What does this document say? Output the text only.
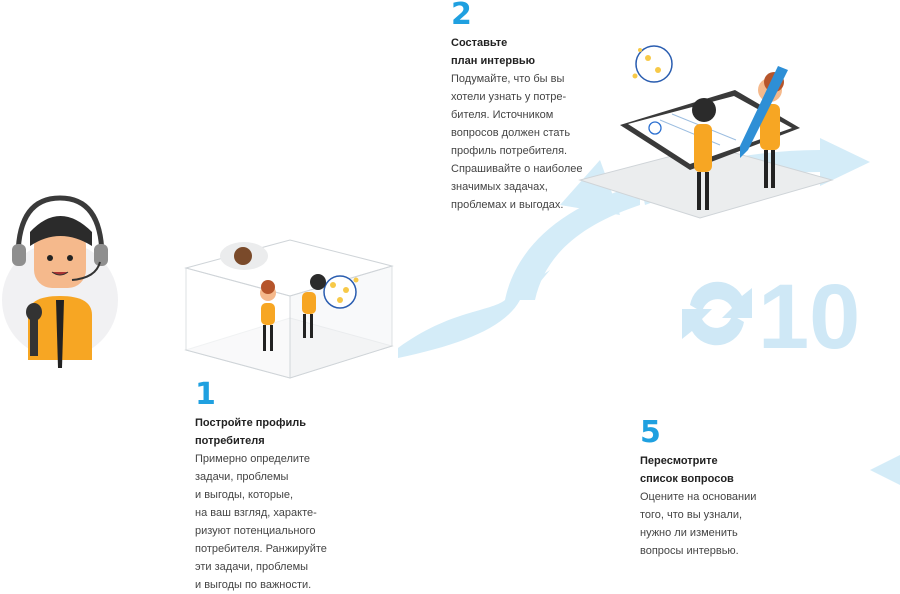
10
1
Постройте профиль
потребителя
Примерно определите
задачи, проблемы
и выгоды, которые,
на ваш взгляд, характе-
ризуют потенциального
потребителя. Ранжируйте
эти задачи, проблемы
и выгоды по важности.
2
Составьте
план интервью
Подумайте, что бы вы
хотели узнать у потре-
бителя. Источником
вопросов должен стать
профиль потребителя.
Спрашивайте о наиболее
значимых задачах,
проблемах и выгодах.
5
Пересмотрите
список вопросов
Оцените на основании
того, что вы узнали,
нужно ли изменить
вопросы интервью.
